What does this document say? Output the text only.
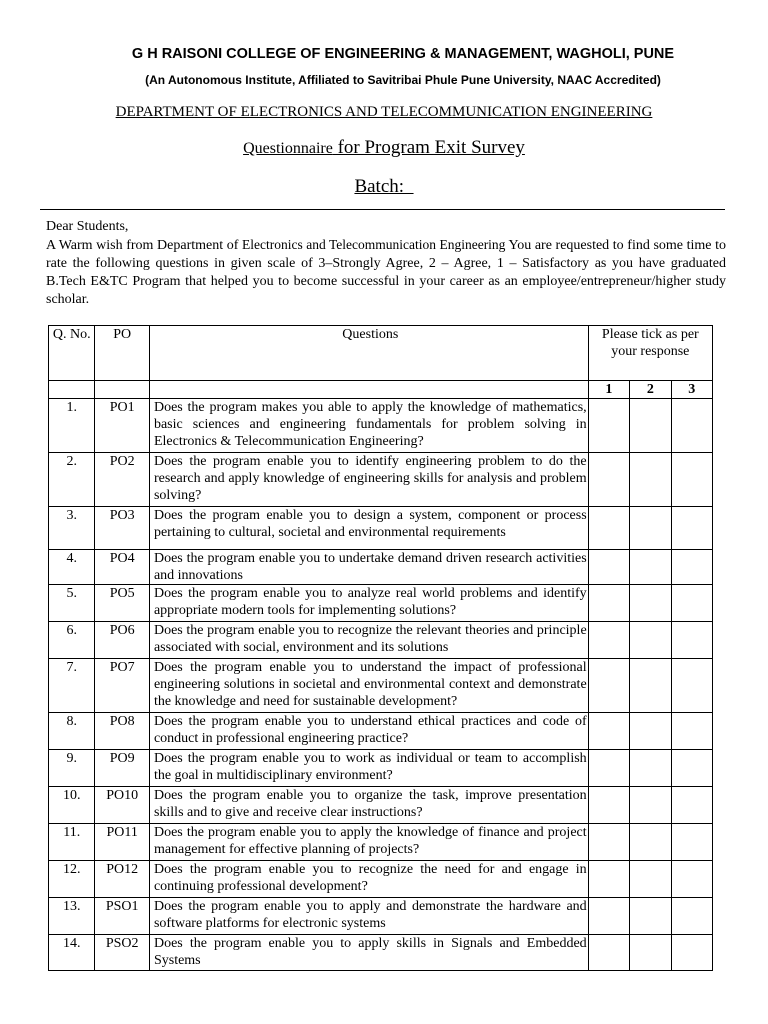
G H RAISONI COLLEGE OF ENGINEERING & MANAGEMENT, WAGHOLI, PUNE
(An Autonomous Institute, Affiliated to Savitribai Phule Pune University, NAAC Accredited)
DEPARTMENT OF ELECTRONICS AND TELECOMMUNICATION ENGINEERING
Questionnaire for Program Exit Survey
Batch:
Dear Students,
A Warm wish from Department of Electronics and Telecommunication Engineering You are requested to find some time to rate the following questions in given scale of 3–Strongly Agree, 2 – Agree, 1 – Satisfactory as you have graduated B.Tech E&TC Program that helped you to become successful in your career as an employee/entrepreneur/higher study scholar.
Q. No.	PO	Questions	Please tick as per your response		
			1	2	3
1.	PO1	Does the program makes you able to apply the knowledge of mathematics, basic sciences and engineering fundamentals for problem solving in Electronics & Telecommunication Engineering?			
2.	PO2	Does the program enable you to identify engineering problem to do the research and apply knowledge of engineering skills for analysis and problem solving?			
3.	PO3	Does the program enable you to design a system, component or process pertaining to cultural, societal and environmental requirements			
4.	PO4	Does the program enable you to undertake demand driven research activities and innovations			
5.	PO5	Does the program enable you to analyze real world problems and identify appropriate modern tools for implementing solutions?			
6.	PO6	Does the program enable you to recognize the relevant theories and principle associated with social, environment and its solutions			
7.	PO7	Does the program enable you to understand the impact of professional engineering solutions in societal and environmental context and demonstrate the knowledge and need for sustainable development?			
8.	PO8	Does the program enable you to understand ethical practices and code of conduct in professional engineering practice?			
9.	PO9	Does the program enable you to work as individual or team to accomplish the goal in multidisciplinary environment?			
10.	PO10	Does the program enable you to organize the task, improve presentation skills and to give and receive clear instructions?			
11.	PO11	Does the program enable you to apply the knowledge of finance and project management for effective planning of projects?			
12.	PO12	Does the program enable you to recognize the need for and engage in continuing professional development?			
13.	PSO1	Does the program enable you to apply and demonstrate the hardware and software platforms for electronic systems			
14.	PSO2	Does the program enable you to apply skills in Signals and Embedded Systems			
